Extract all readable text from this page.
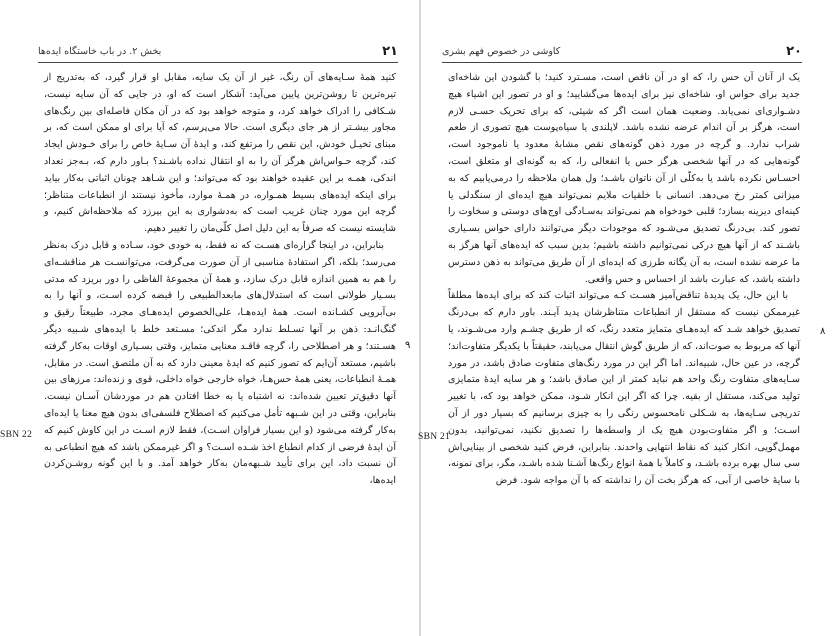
۲۱
بخش ۲. در باب خاستگاه ایده‌ها

کنید همهٔ سـایه‌های آن رنگ، غیر از آن یک سایه، مقابل او قرار گیرد، که به‌تدریج از تیره‌ترین تا روشن‌ترین پایین می‌آید: آشکار است که او، در جایی که آن سایه نیست، شـکافی را ادراک خواهد کرد، و متوجه خواهد بود که در آن مکان فاصله‌ای بین رنگ‌های مجاور بیشـتر از هر جای دیگری است. حالا می‌پرسم، که آیا برای او ممکن است که، بر مبنای تخیـل خودش، این نقص را مرتفع کند، و ایدهٔ آن سـایهٔ خاص را برای خـودش ایجاد کند، گرچه حـواس‌اش هرگز آن را به او انتقال نداده باشـند؟ بـاور دارم که، بـه‌جز تعداد اندکی، همـه بر این عقیده خواهند بود که می‌تواند؛ و این شـاهد چونان اثباتی به‌کار بیاید برای اینکه ایده‌های بسیط همـواره، در همـهٔ موارد، مأخوذ نیستند از انطباعات متناظر؛ گرچه این مورد چنان غریب است که به‌دشواری به این بیرزد که ملاحظه‌اش کنیم، و شایسته نیست که صرفاً به این دلیل اصل کلّی‌مان را تغییر دهیم.

بنابراین، در اینجا گزاره‌ای هسـت که نه فقط، به خودی خود، سـاده و قابل درک به‌نظر می‌رسد؛ بلکه، اگر استفادهٔ مناسبی از آن صورت می‌گرفت، می‌توانسـت هر مناقشـه‌ای را هم به همین اندازه قابل درک سازد، و همهٔ آن مجموعهٔ الفاظی را دور بریزد که مدتی بسـیار طولانی است که استدلال‌های مابعدالطبیعی را قبضه کرده اسـت، و آنها را به بی‌آبرویی کشـانده است. همهٔ ایده‌هـا، علی‌الخصوص ایده‌هـای مجرد، طبیعتاً رقیق و گنگ‌انـد: ذهن بر آنها تسـلط ندارد مگر اندکی؛ مسـتعد خلط با ایده‌های شـبیه دیگر هسـتند؛ و هر اصطلاحی را، گرچه فاقـد معنایی متمایز، وقتی بسـیاری اوقات به‌کار گرفته باشیم، مستعد آن‌ایم که تصور کنیم که ایدهٔ معینی دارد که به آن ملتصق است. در مقابل، همـهٔ انطباعات، یعنی همهٔ حس‌هـا، خواه خارجی خواه داخلی، قوی و زنده‌اند: مرزهای بین آنها دقیق‌تر تعیین شده‌اند: نه اشتباه یا به خطا افتادن هم در موردشان آسـان نیست. بنابراین، وقتی در این شـبهه تأمل می‌کنیم که اصطلاح فلسفی‌ای بدون هیچ معنا یا ایده‌ای به‌کار گرفته می‌شود (و این بسیار فراوان اسـت)، فقط لازم اسـت در این کاوش کنیم که آن ایدهٔ فرضی از کدام انطباع اخذ شـده اسـت؟ و اگر غیرممکن باشد که هیچ انطباعی به آن نسبت داد، این برای تأیید شـبهه‌مان به‌کار خواهد آمد. و با این گونه روشـن‌کردن ایده‌ها،

۹
SBN 22
۲۰
کاوشی در خصوص فهم بشری

یک از آنان آن حس را، که او در آن ناقص است، مسـترد کنید؛ با گشودن این شاخه‌ای جدید برای حواس او، شاخه‌ای نیز برای ایده‌ها می‌گشایید؛ و او در تصور این اشیاء هیچ دشـواری‌ای نمی‌یابد. وضعیت همان است اگر که شیئی، که برای تحریک حسـی لازم است، هرگز بر آن اندام عرضه نشده باشد. لاپلندی یا سیاه‌پوست هیچ تصوری از طعم شراب ندارد. و گرچه در مورد ذهن گونه‌های نقص مشابهٔ معدود یا ناموجود است، گونه‌هایی که در آنها شخصی هرگز حس یا انفعالی را، که به گونه‌ای او متعلق است، احسـاس نکرده باشد یا به‌کلّی از آن ناتوان باشـد؛ ول همان ملاحظه را درمی‌یابیم که به میزانی کمتر رخ می‌دهد. انسانی با خلقیات ملایم نمی‌تواند هیچ ایده‌ای از سنگدلی یا کینه‌ای دیرینه بسازد؛ قلبی خودخواه هم نمی‌تواند به‌سـادگی اوج‌های دوستی و سخاوت را تصور کند. بی‌درنگ تصدیق می‌شـود که موجودات دیگر می‌توانند دارای حواس بسـیاری باشـند که از آنها هیچ درکی نمی‌توانیم داشته باشیم؛ بدین سبب که ایده‌های آنها هرگز به ما عرضه نشده است، به آن یگانه طرزی که ایده‌ای از آن طریق می‌تواند به ذهن دسترس داشته باشد، که عبارت باشد از احساس و حس واقعی.

با این حال، یک پدیدهٔ تناقض‌آمیز هسـت کـه می‌تواند اثبات کند که برای ایده‌ها مطلقاً غیرممکن نیست که مستقل از انطباعات متناظرشان پدید آیـند. باور دارم که بی‌درنگ تصدیق خواهد شـد که ایده‌هـای متمایز متعدد رنگ، که از طریق چشـم وارد می‌شـوند، یا آنها که مربوط به صوت‌اند، که از طریق گوش انتقال می‌یابند، حقیقتاً با یکدیگر متفاوت‌اند؛ گرچه، در عین حال، شبیه‌اند. اما اگر این در مورد رنگ‌های متفاوت صادق باشد، در مورد سـایه‌های متفاوت رنگ واحد هم نباید کمتر از این صادق باشد؛ و هر سایه ایدهٔ متمایزی تولید می‌کند، مستقل از بقیه. چرا که اگر این انکار شـود، ممکن خواهد بود که، با تغییر تدریجی سـایه‌ها، به شـکلی نامحسوس رنگی را به چیزی برسانیم که بسیار دور از آن اسـت؛ و اگر متفاوت‌بودن هیچ یک از واسطه‌ها را تصدیق نکنید، نمی‌توانید، بدون مهمل‌گویی، انکار کنید که نقاط انتهایی واحدند. بنابراین، فرض کنید شخصی از بینایی‌اش سی سال بهره برده باشـد، و کاملاً با همهٔ انواع رنگ‌ها آشـنا شده باشـد، مگر، برای نمونه، با سایهٔ خاصی از آبی، که هرگز بخت آن را نداشته که با آن مواجه شود. فرض

۸
SBN 21
